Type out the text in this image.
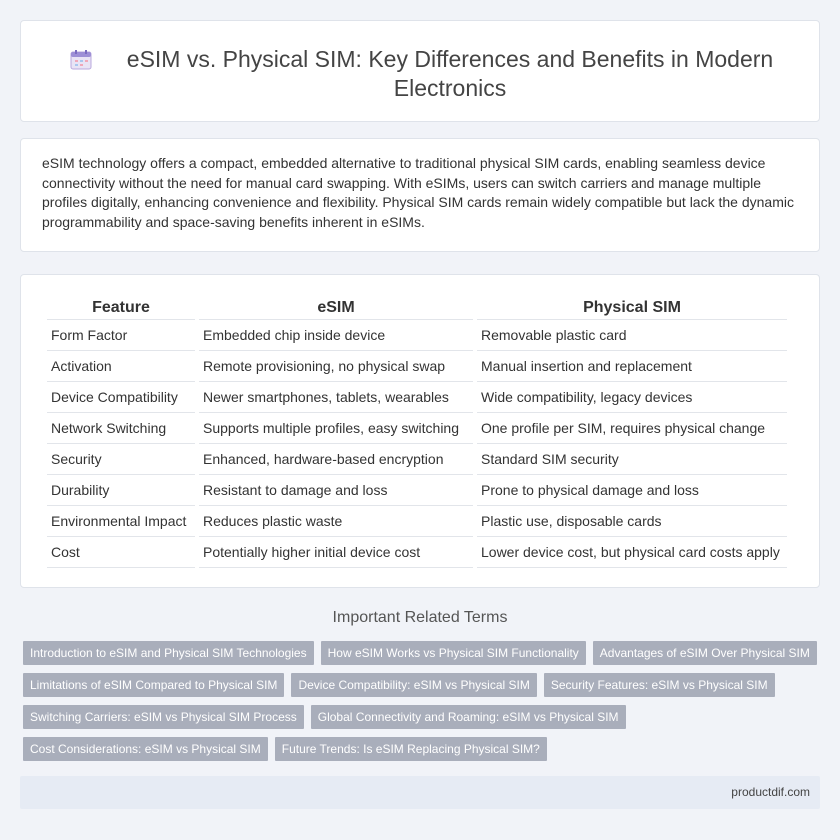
eSIM vs. Physical SIM: Key Differences and Benefits in Modern Electronics

eSIM technology offers a compact, embedded alternative to traditional physical SIM cards, enabling seamless device connectivity without the need for manual card swapping. With eSIMs, users can switch carriers and manage multiple profiles digitally, enhancing convenience and flexibility. Physical SIM cards remain widely compatible but lack the dynamic programmability and space-saving benefits inherent in eSIMs.

Feature	eSIM	Physical SIM
Form Factor	Embedded chip inside device	Removable plastic card
Activation	Remote provisioning, no physical swap	Manual insertion and replacement
Device Compatibility	Newer smartphones, tablets, wearables	Wide compatibility, legacy devices
Network Switching	Supports multiple profiles, easy switching	One profile per SIM, requires physical change
Security	Enhanced, hardware-based encryption	Standard SIM security
Durability	Resistant to damage and loss	Prone to physical damage and loss
Environmental Impact	Reduces plastic waste	Plastic use, disposable cards
Cost	Potentially higher initial device cost	Lower device cost, but physical card costs apply
Important Related Terms
Introduction to eSIM and Physical SIM Technologies	How eSIM Works vs Physical SIM Functionality	Advantages of eSIM Over Physical SIM
Limitations of eSIM Compared to Physical SIM	Device Compatibility: eSIM vs Physical SIM	Security Features: eSIM vs Physical SIM
Switching Carriers: eSIM vs Physical SIM Process	Global Connectivity and Roaming: eSIM vs Physical SIM
Cost Considerations: eSIM vs Physical SIM	Future Trends: Is eSIM Replacing Physical SIM?
productdif.com
